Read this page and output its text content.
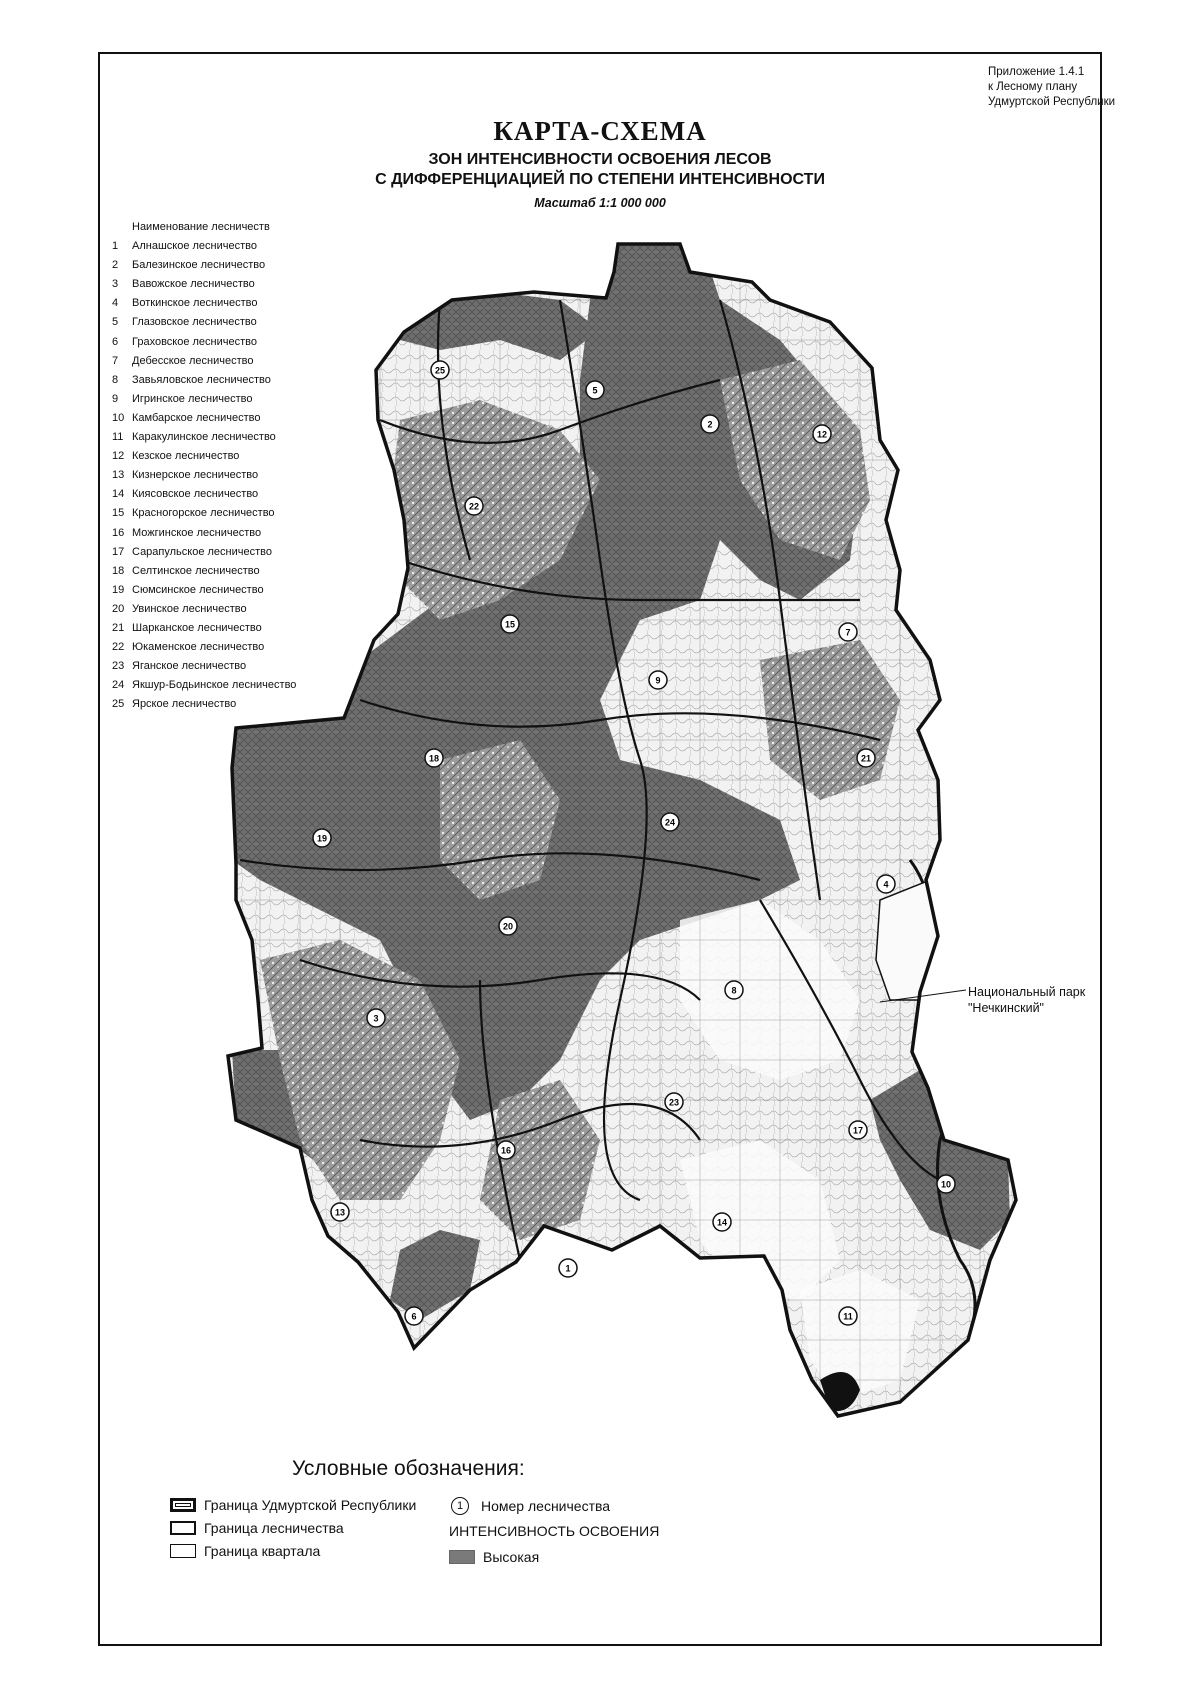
Приложение 1.4.1
к Лесному плану
Удмуртской Республики
КАРТА-СХЕМА
ЗОН ИНТЕНСИВНОСТИ ОСВОЕНИЯ ЛЕСОВ
С ДИФФЕРЕНЦИАЦИЕЙ ПО СТЕПЕНИ ИНТЕНСИВНОСТИ
Масштаб 1:1 000 000
Наименование лесничеств
1 Алнашское лесничество
2 Балезинское лесничество
3 Вавожское лесничество
4 Воткинское лесничество
5 Глазовское лесничество
6 Граховское лесничество
7 Дебесское лесничество
8 Завьяловское лесничество
9 Игринское лесничество
10 Камбарское лесничество
11 Каракулинское лесничество
12 Кезское лесничество
13 Кизнерское лесничество
14 Киясовское лесничество
15 Красногорское лесничество
16 Можгинское лесничество
17 Сарапульское лесничество
18 Селтинское лесничество
19 Сюмсинское лесничество
20 Увинское лесничество
21 Шарканское лесничество
22 Юкаменское лесничество
23 Яганское лесничество
24 Якшур-Бодьинское лесничество
25 Ярское лесничество
1
2
3
4
5
6
7
8
9
10
11
12
13
14
15
16
17
18
19
20
21
22
23
24
25
Национальный парк
"Нечкинский"
Условные обозначения:
Граница Удмуртской Республики
Граница лесничества
Граница квартала
1	Номер лесничества
ИНТЕНСИВНОСТЬ ОСВОЕНИЯ
Высокая
